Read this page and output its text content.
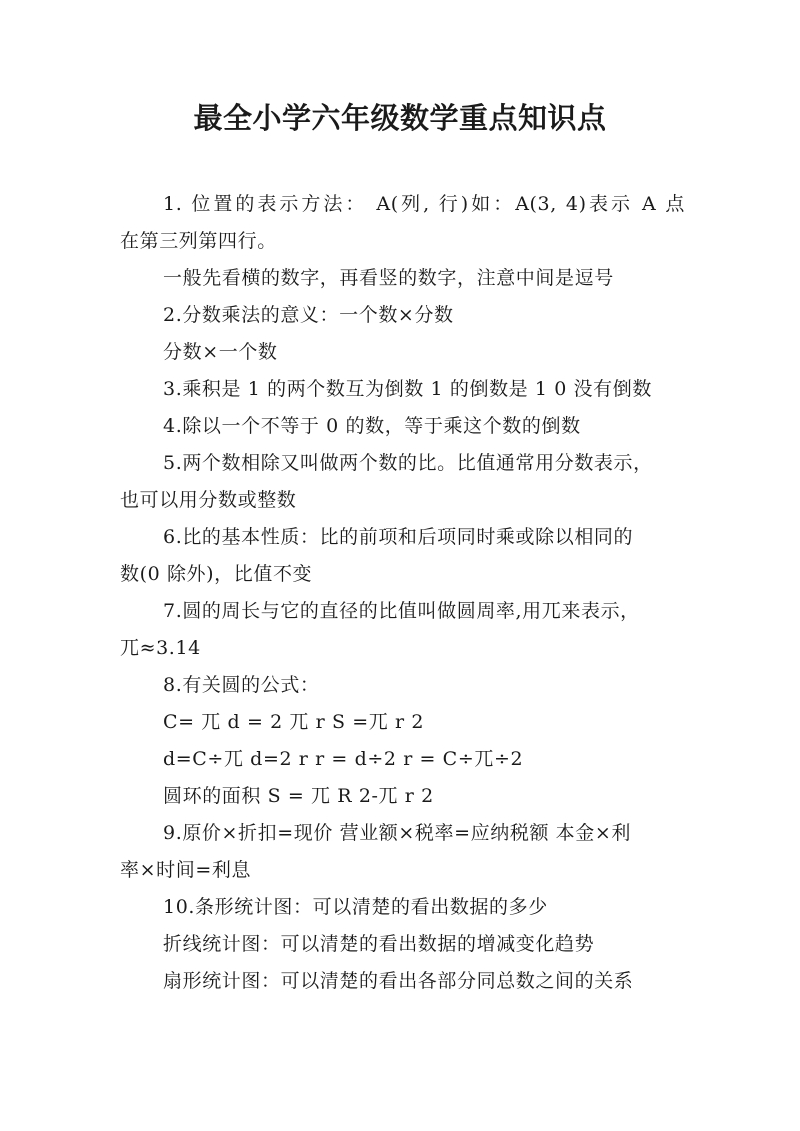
最全小学六年级数学重点知识点
1. 位置的表示方法： A(列, 行)如：A(3, 4)表示 A 点
在第三列第四行。
一般先看横的数字，再看竖的数字，注意中间是逗号
2.分数乘法的意义：一个数×分数
分数×一个数
3.乘积是 1 的两个数互为倒数 1 的倒数是 1 0 没有倒数
4.除以一个不等于 0 的数，等于乘这个数的倒数
5.两个数相除又叫做两个数的比。比值通常用分数表示，
也可以用分数或整数
6.比的基本性质：比的前项和后项同时乘或除以相同的
数(0 除外)，比值不变
7.圆的周长与它的直径的比值叫做圆周率,用兀来表示，
兀≈3.14
8.有关圆的公式：
C= 兀 d = 2 兀 r S =兀 r 2
d=C÷兀 d=2 r r = d÷2 r = C÷兀÷2
圆环的面积 S = 兀 R 2-兀 r 2
9.原价×折扣=现价 营业额×税率=应纳税额 本金×利
率×时间=利息
10.条形统计图：可以清楚的看出数据的多少
折线统计图：可以清楚的看出数据的增减变化趋势
扇形统计图：可以清楚的看出各部分同总数之间的关系
